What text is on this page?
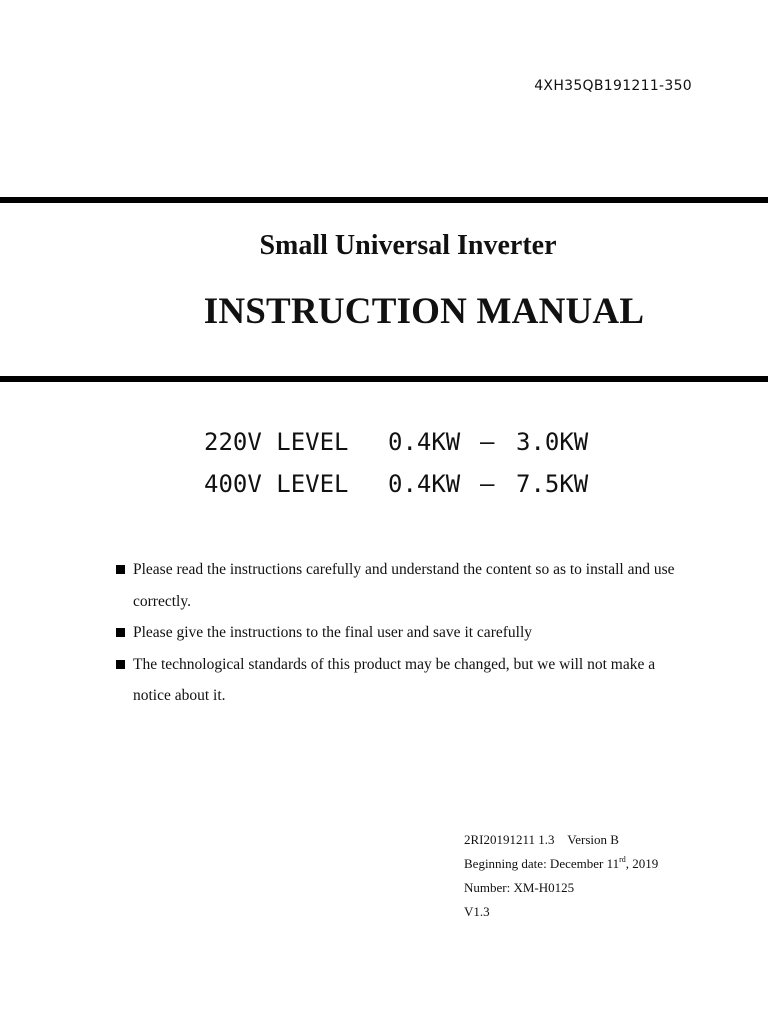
4XH35QB191211-350
Small Universal Inverter
INSTRUCTION MANUAL

220V LEVEL

0.4KW

–

3.0KW

400V LEVEL

0.4KW

–

7.5KW

Please read the instructions carefully and understand the content so as to install and use correctly.
Please give the instructions to the final user and save it carefully
The technological standards of this product may be changed, but we will not make a notice about it.
2RI20191211 1.3    Version B
Beginning date: December 11rd, 2019
Number: XM-H0125
V1.3
